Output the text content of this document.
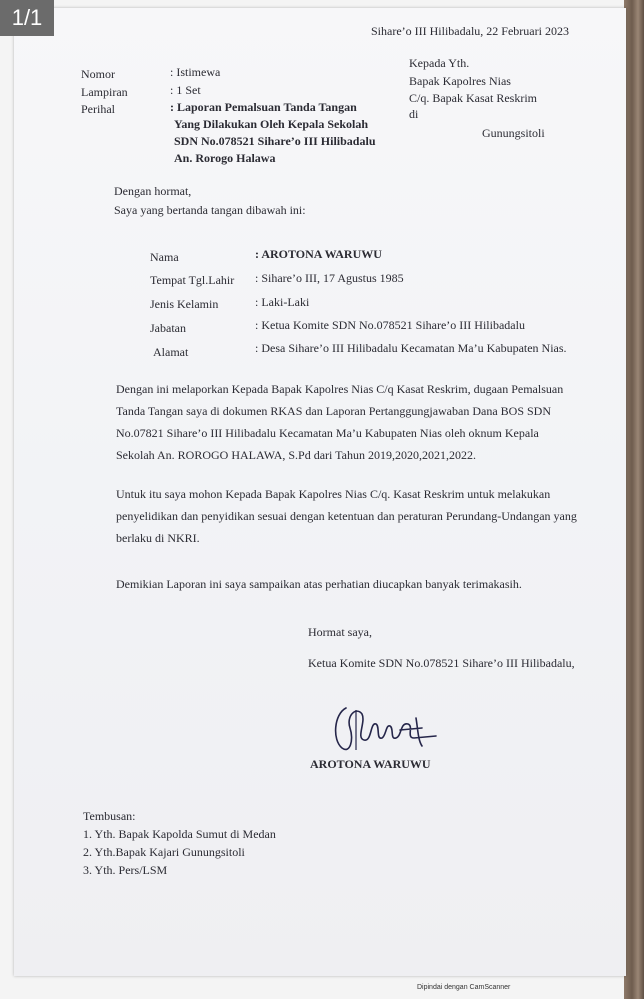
1/1
Sihare’o III Hilibadalu, 22 Februari 2023
Nomor	: Istimewa
Lampiran	: 1 Set
Perihal	: Laporan Pemalsuan Tanda Tangan
Yang Dilakukan Oleh Kepala Sekolah
SDN No.078521 Sihare’o III Hilibadalu
An. Rorogo Halawa
Kepada Yth.
Bapak Kapolres Nias
C/q. Bapak Kasat Reskrim
di
Gunungsitoli
Dengan hormat,
Saya yang bertanda tangan dibawah ini:
Nama	: AROTONA WARUWU
Tempat Tgl.Lahir : Sihare’o III, 17 Agustus 1985
Jenis Kelamin	: Laki-Laki
Jabatan	: Ketua Komite SDN No.078521 Sihare’o III Hilibadalu
Alamat	: Desa Sihare’o III Hilibadalu Kecamatan Ma’u Kabupaten Nias.
Dengan ini melaporkan Kepada Bapak Kapolres Nias C/q Kasat Reskrim, dugaan Pemalsuan
Tanda Tangan saya di dokumen RKAS dan Laporan Pertanggungjawaban Dana BOS SDN
No.07821 Sihare’o III Hilibadalu Kecamatan Ma’u Kabupaten Nias oleh oknum Kepala
Sekolah An. ROROGO HALAWA, S.Pd dari Tahun 2019,2020,2021,2022.
Untuk itu saya mohon Kepada Bapak Kapolres Nias C/q. Kasat Reskrim untuk melakukan
penyelidikan dan penyidikan sesuai dengan ketentuan dan peraturan Perundang-Undangan yang
berlaku di NKRI.
Demikian Laporan ini saya sampaikan atas perhatian diucapkan banyak terimakasih.
Hormat saya,
Ketua Komite SDN No.078521 Sihare’o III Hilibadalu,
AROTONA WARUWU
Tembusan:
1. Yth. Bapak Kapolda Sumut di Medan
2. Yth.Bapak Kajari Gunungsitoli
3. Yth. Pers/LSM
Dipindai dengan CamScanner
